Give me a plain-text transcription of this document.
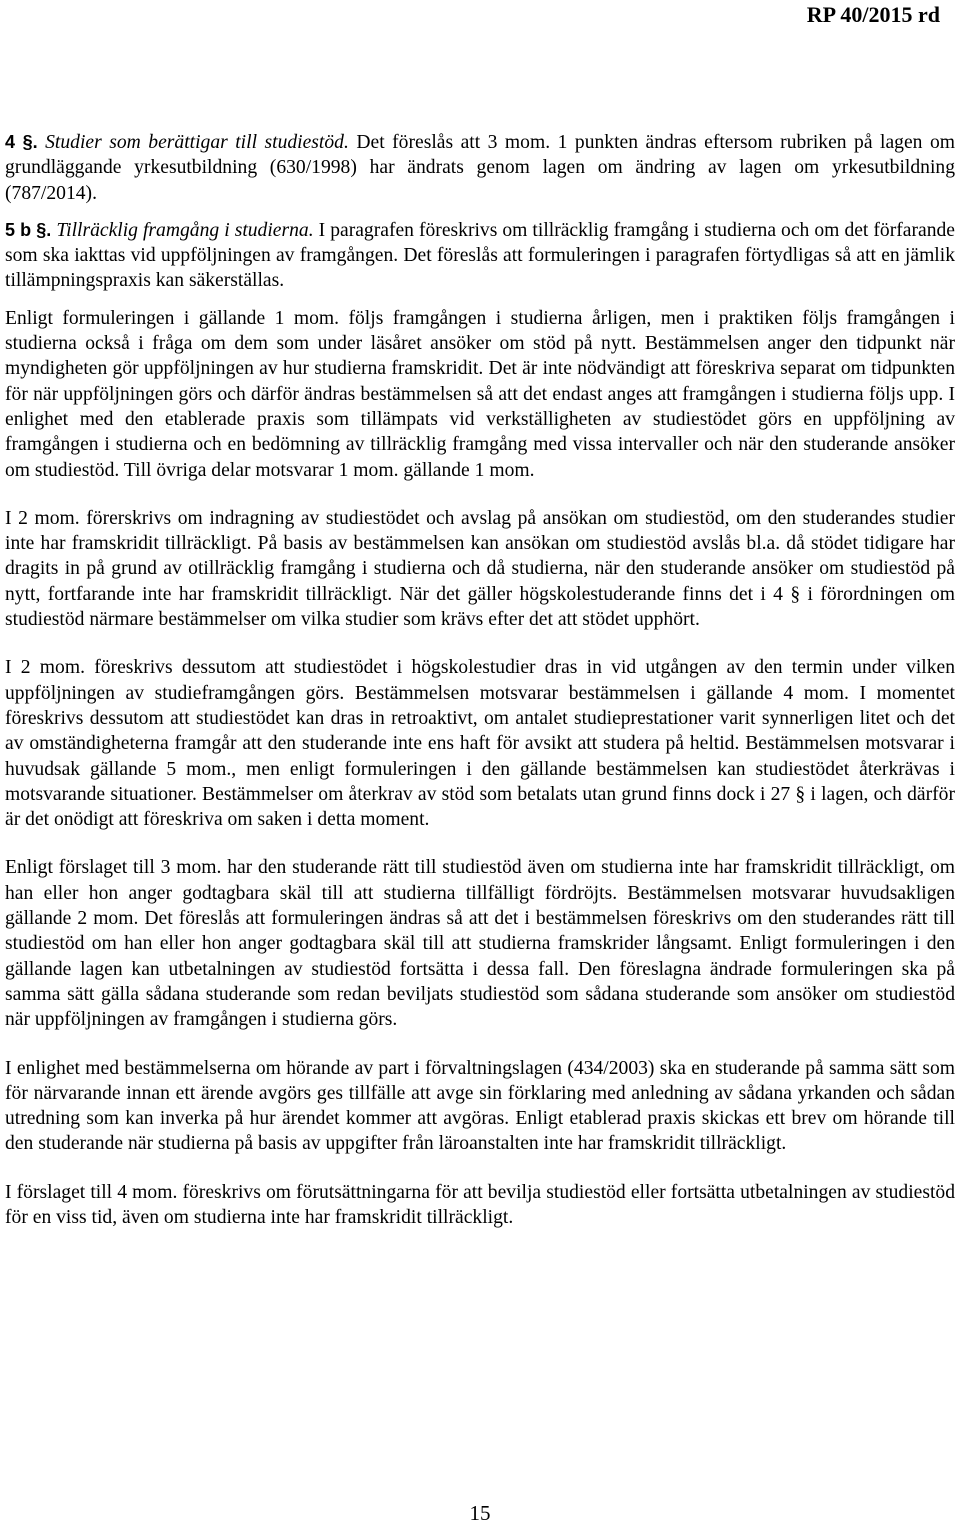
RP 40/2015 rd

4 §. Studier som berättigar till studiestöd. Det föreslås att 3 mom. 1 punkten ändras eftersom rubriken på lagen om grundläggande yrkesutbildning (630/1998) har ändrats genom lagen om ändring av lagen om yrkesutbildning (787/2014).

5 b §. Tillräcklig framgång i studierna. I paragrafen föreskrivs om tillräcklig framgång i studierna och om det förfarande som ska iakttas vid uppföljningen av framgången. Det föreslås att formuleringen i paragrafen förtydligas så att en jämlik tillämpningspraxis kan säkerställas.

Enligt formuleringen i gällande 1 mom. följs framgången i studierna årligen, men i praktiken följs framgången i studierna också i fråga om dem som under läsåret ansöker om stöd på nytt. Bestämmelsen anger den tidpunkt när myndigheten gör uppföljningen av hur studierna framskridit. Det är inte nödvändigt att föreskriva separat om tidpunkten för när uppföljningen görs och därför ändras bestämmelsen så att det endast anges att framgången i studierna följs upp. I enlighet med den etablerade praxis som tillämpats vid verkställigheten av studiestödet görs en uppföljning av framgången i studierna och en bedömning av tillräcklig framgång med vissa intervaller och när den studerande ansöker om studiestöd. Till övriga delar motsvarar 1 mom. gällande 1 mom.

I 2 mom. förerskrivs om indragning av studiestödet och avslag på ansökan om studiestöd, om den studerandes studier inte har framskridit tillräckligt. På basis av bestämmelsen kan ansökan om studiestöd avslås bl.a. då stödet tidigare har dragits in på grund av otillräcklig framgång i studierna och då studierna, när den studerande ansöker om studiestöd på nytt, fortfarande inte har framskridit tillräckligt. När det gäller högskolestuderande finns det i 4 § i förordningen om studiestöd närmare bestämmelser om vilka studier som krävs efter det att stödet upphört.

I 2 mom. föreskrivs dessutom att studiestödet i högskolestudier dras in vid utgången av den termin under vilken uppföljningen av studieframgången görs. Bestämmelsen motsvarar bestämmelsen i gällande 4 mom. I momentet föreskrivs dessutom att studiestödet kan dras in retroaktivt, om antalet studieprestationer varit synnerligen litet och det av omständigheterna framgår att den studerande inte ens haft för avsikt att studera på heltid. Bestämmelsen motsvarar i huvudsak gällande 5 mom., men enligt formuleringen i den gällande bestämmelsen kan studiestödet återkrävas i motsvarande situationer. Bestämmelser om återkrav av stöd som betalats utan grund finns dock i 27 § i lagen, och därför är det onödigt att föreskriva om saken i detta moment.

Enligt förslaget till 3 mom. har den studerande rätt till studiestöd även om studierna inte har framskridit tillräckligt, om han eller hon anger godtagbara skäl till att studierna tillfälligt fördröjts. Bestämmelsen motsvarar huvudsakligen gällande 2 mom. Det föreslås att formuleringen ändras så att det i bestämmelsen föreskrivs om den studerandes rätt till studiestöd om han eller hon anger godtagbara skäl till att studierna framskrider långsamt. Enligt formuleringen i den gällande lagen kan utbetalningen av studiestöd fortsätta i dessa fall. Den föreslagna ändrade formuleringen ska på samma sätt gälla sådana studerande som redan beviljats studiestöd som sådana studerande som ansöker om studiestöd när uppföljningen av framgången i studierna görs.

I enlighet med bestämmelserna om hörande av part i förvaltningslagen (434/2003) ska en studerande på samma sätt som för närvarande innan ett ärende avgörs ges tillfälle att avge sin förklaring med anledning av sådana yrkanden och sådan utredning som kan inverka på hur ärendet kommer att avgöras. Enligt etablerad praxis skickas ett brev om hörande till den studerande när studierna på basis av uppgifter från läroanstalten inte har framskridit tillräckligt.

I förslaget till 4 mom. föreskrivs om förutsättningarna för att bevilja studiestöd eller fortsätta utbetalningen av studiestöd för en viss tid, även om studierna inte har framskridit tillräckligt.

15
